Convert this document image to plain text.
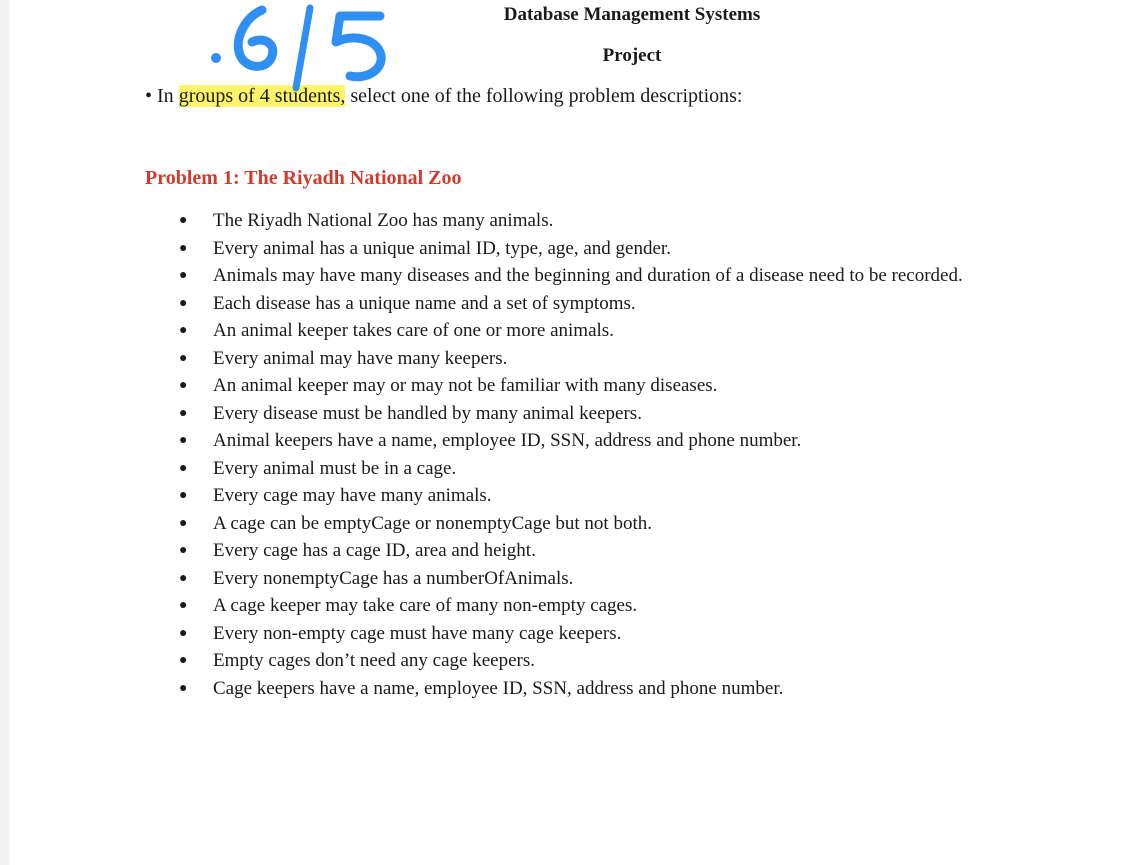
Database Management Systems
Project

• In groups of 4 students, select one of the following problem descriptions:

Problem 1: The Riyadh National Zoo
● The Riyadh National Zoo has many animals.
● Every animal has a unique animal ID, type, age, and gender.
● Animals may have many diseases and the beginning and duration of a disease need to be recorded.
● Each disease has a unique name and a set of symptoms.
● An animal keeper takes care of one or more animals.
● Every animal may have many keepers.
● An animal keeper may or may not be familiar with many diseases.
● Every disease must be handled by many animal keepers.
● Animal keepers have a name, employee ID, SSN, address and phone number.
● Every animal must be in a cage.
● Every cage may have many animals.
● A cage can be emptyCage or nonemptyCage but not both.
● Every cage has a cage ID, area and height.
● Every nonemptyCage has a numberOfAnimals.
● A cage keeper may take care of many non-empty cages.
● Every non-empty cage must have many cage keepers.
● Empty cages don’t need any cage keepers.
● Cage keepers have a name, employee ID, SSN, address and phone number.
